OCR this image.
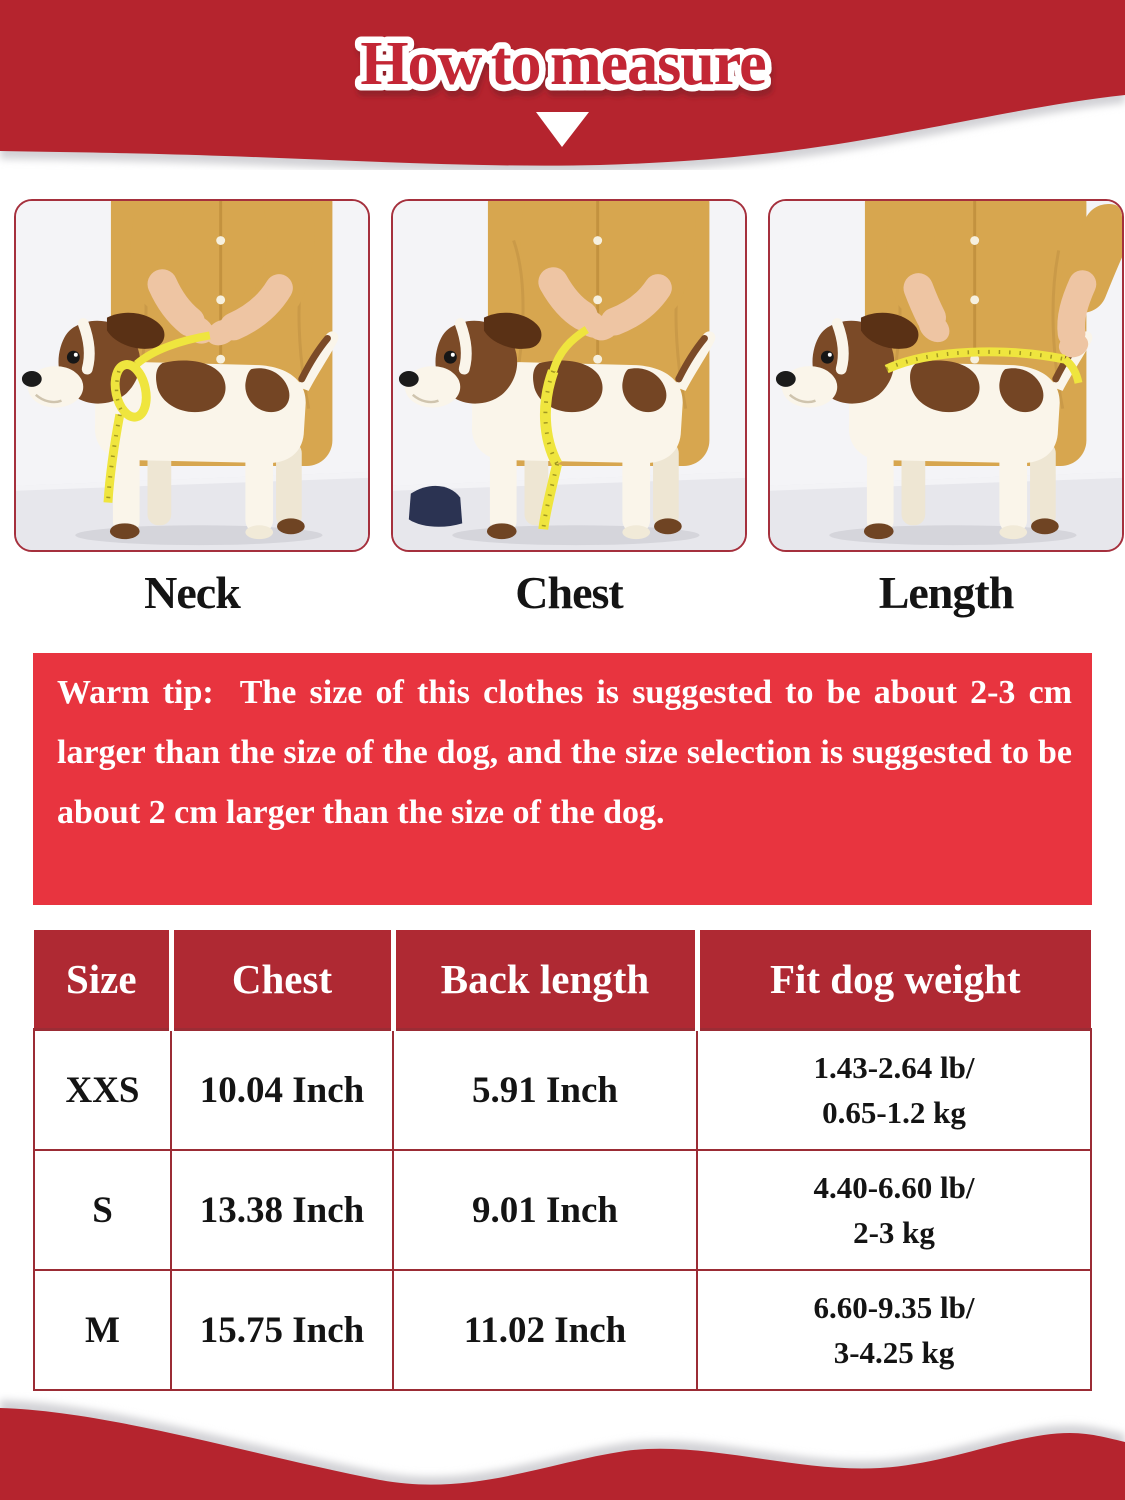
How to measure
Neck	Chest	Length
Warm tip: The size of this clothes is suggested to be about 2-3 cm larger than the size of the dog, and the size selection is suggested to be about 2 cm larger than the size of the dog.
Size	Chest	Back length	Fit dog weight
XXS	10.04 Inch	5.91 Inch	1.43-2.64 lb/
0.65-1.2 kg

S	13.38 Inch	9.01 Inch	4.40-6.60 lb/
2-3 kg

M	15.75 Inch	11.02 Inch	6.60-9.35 lb/
3-4.25 kg
